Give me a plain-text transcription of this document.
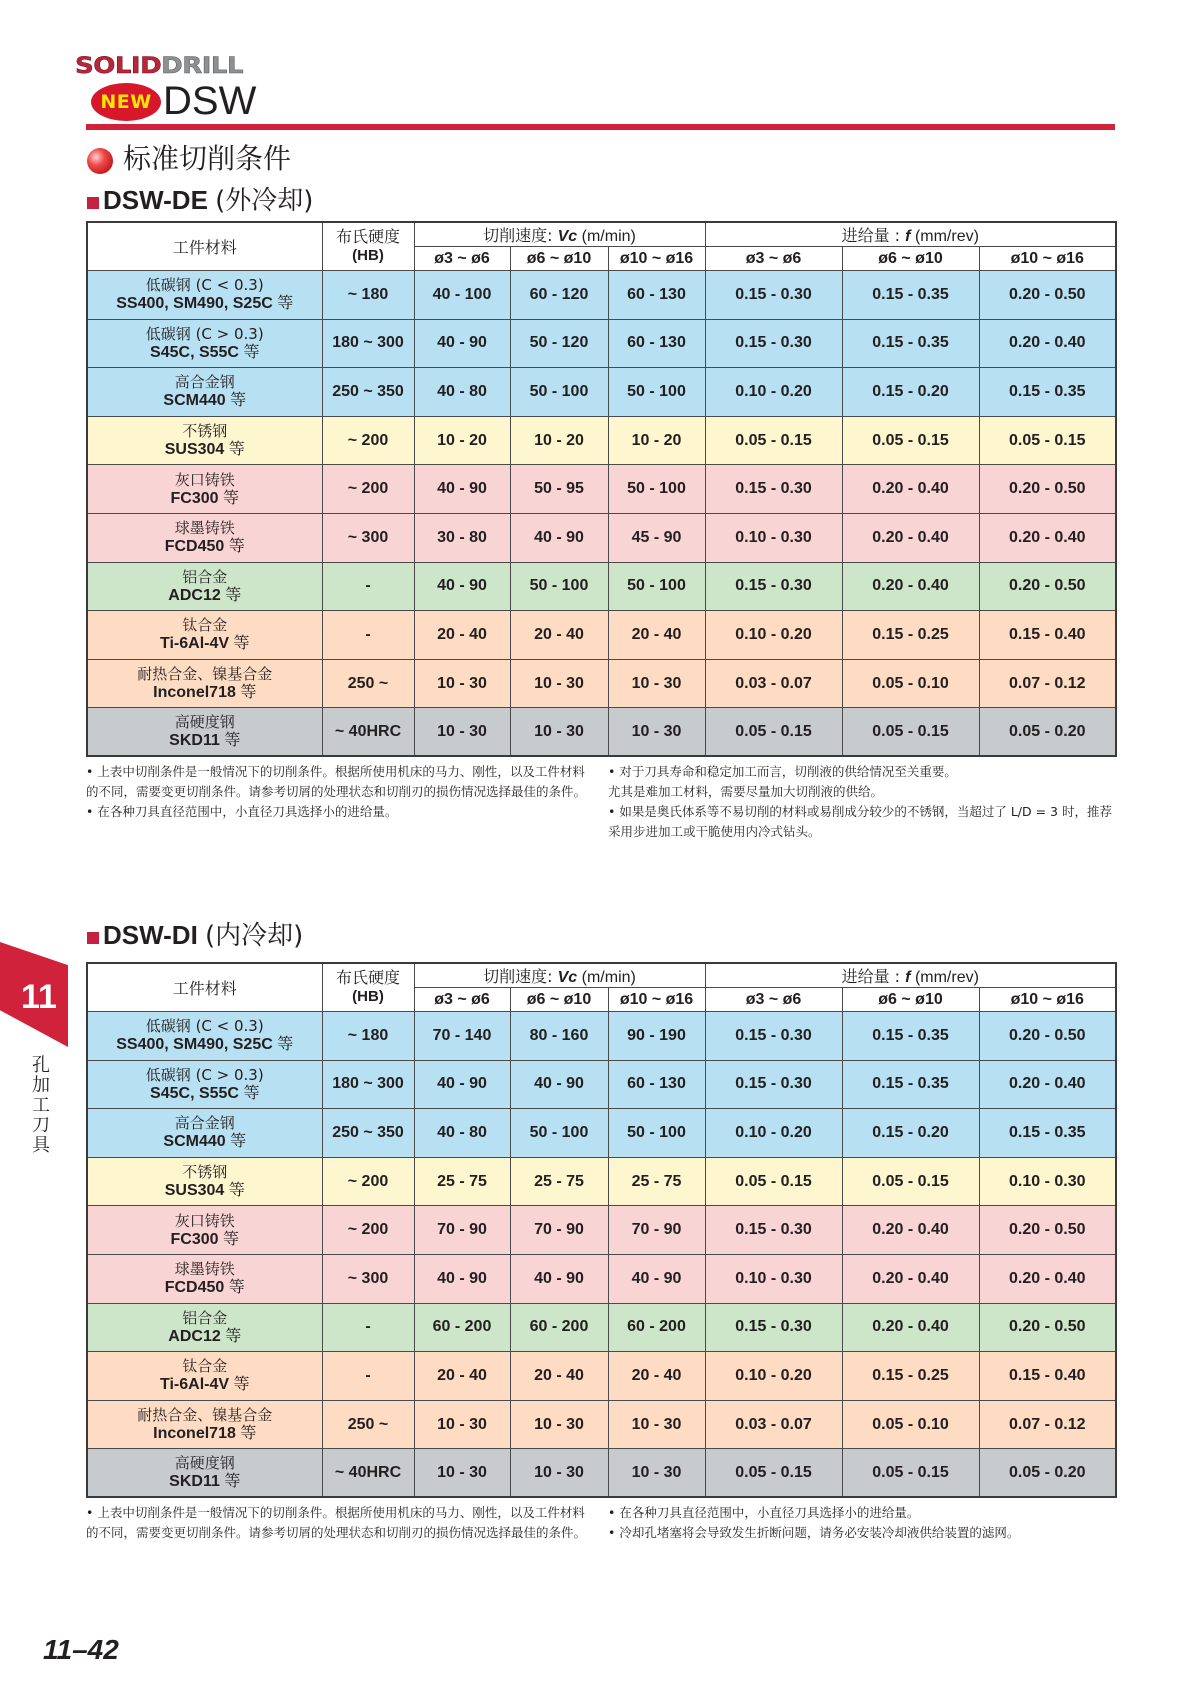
SOLIDDRILL
NEW DSW
标准切削条件
DSW-DE (外冷却)
工件材料	布氏硬度
(HB)	切削速度: Vc (m/min)			进给量 : f (mm/rev)		
		ø3 ~ ø6	ø6 ~ ø10	ø10 ~ ø16	ø3 ~ ø6	ø6 ~ ø10	ø10 ~ ø16

低碳钢 (C < 0.3)
SS400, SM490, S25C 等	~ 180	40 - 100	60 - 120	60 - 130	0.15 - 0.30	0.15 - 0.35	0.20 - 0.50

低碳钢 (C > 0.3)
S45C, S55C 等	180 ~ 300	40 - 90	50 - 120	60 - 130	0.15 - 0.30	0.15 - 0.35	0.20 - 0.40

高合金钢
SCM440 等	250 ~ 350	40 - 80	50 - 100	50 - 100	0.10 - 0.20	0.15 - 0.20	0.15 - 0.35

不锈钢
SUS304 等	~ 200	10 - 20	10 - 20	10 - 20	0.05 - 0.15	0.05 - 0.15	0.05 - 0.15

灰口铸铁
FC300 等	~ 200	40 - 90	50 - 95	50 - 100	0.15 - 0.30	0.20 - 0.40	0.20 - 0.50

球墨铸铁
FCD450 等	~ 300	30 - 80	40 - 90	45 - 90	0.10 - 0.30	0.20 - 0.40	0.20 - 0.40

铝合金
ADC12 等	-	40 - 90	50 - 100	50 - 100	0.15 - 0.30	0.20 - 0.40	0.20 - 0.50

钛合金
Ti-6Al-4V 等	-	20 - 40	20 - 40	20 - 40	0.10 - 0.20	0.15 - 0.25	0.15 - 0.40

耐热合金、镍基合金
Inconel718 等	250 ~	10 - 30	10 - 30	10 - 30	0.03 - 0.07	0.05 - 0.10	0.07 - 0.12

高硬度钢
SKD11 等	~ 40HRC	10 - 30	10 - 30	10 - 30	0.05 - 0.15	0.05 - 0.15	0.05 - 0.20

• 上表中切削条件是一般情况下的切削条件。根据所使用机床的马力、刚性，以及工件材料的不同，需要变更切削条件。请参考切屑的处理状态和切削刃的损伤情况选择最佳的条件。

• 在各种刀具直径范围中，小直径刀具选择小的进给量。

• 对于刀具寿命和稳定加工而言，切削液的供给情况至关重要。

尤其是难加工材料，需要尽量加大切削液的供给。

• 如果是奥氏体系等不易切削的材料或易削成分较少的不锈钢，当超过了 L/D = 3 时，推荐采用步进加工或干脆使用内冷式钻头。

11
孔
加
工
刀
具
DSW-DI (内冷却)
工件材料	布氏硬度
(HB)	切削速度: Vc (m/min)			进给量 : f (mm/rev)		
		ø3 ~ ø6	ø6 ~ ø10	ø10 ~ ø16	ø3 ~ ø6	ø6 ~ ø10	ø10 ~ ø16

低碳钢 (C < 0.3)
SS400, SM490, S25C 等	~ 180	70 - 140	80 - 160	90 - 190	0.15 - 0.30	0.15 - 0.35	0.20 - 0.50

低碳钢 (C > 0.3)
S45C, S55C 等	180 ~ 300	40 - 90	40 - 90	60 - 130	0.15 - 0.30	0.15 - 0.35	0.20 - 0.40

高合金钢
SCM440 等	250 ~ 350	40 - 80	50 - 100	50 - 100	0.10 - 0.20	0.15 - 0.20	0.15 - 0.35

不锈钢
SUS304 等	~ 200	25 - 75	25 - 75	25 - 75	0.05 - 0.15	0.05 - 0.15	0.10 - 0.30

灰口铸铁
FC300 等	~ 200	70 - 90	70 - 90	70 - 90	0.15 - 0.30	0.20 - 0.40	0.20 - 0.50

球墨铸铁
FCD450 等	~ 300	40 - 90	40 - 90	40 - 90	0.10 - 0.30	0.20 - 0.40	0.20 - 0.40

铝合金
ADC12 等	-	60 - 200	60 - 200	60 - 200	0.15 - 0.30	0.20 - 0.40	0.20 - 0.50

钛合金
Ti-6Al-4V 等	-	20 - 40	20 - 40	20 - 40	0.10 - 0.20	0.15 - 0.25	0.15 - 0.40

耐热合金、镍基合金
Inconel718 等	250 ~	10 - 30	10 - 30	10 - 30	0.03 - 0.07	0.05 - 0.10	0.07 - 0.12

高硬度钢
SKD11 等	~ 40HRC	10 - 30	10 - 30	10 - 30	0.05 - 0.15	0.05 - 0.15	0.05 - 0.20

• 上表中切削条件是一般情况下的切削条件。根据所使用机床的马力、刚性，以及工件材料的不同，需要变更切削条件。请参考切屑的处理状态和切削刃的损伤情况选择最佳的条件。

• 在各种刀具直径范围中，小直径刀具选择小的进给量。

• 冷却孔堵塞将会导致发生折断问题，请务必安装冷却液供给装置的滤网。

11–42
